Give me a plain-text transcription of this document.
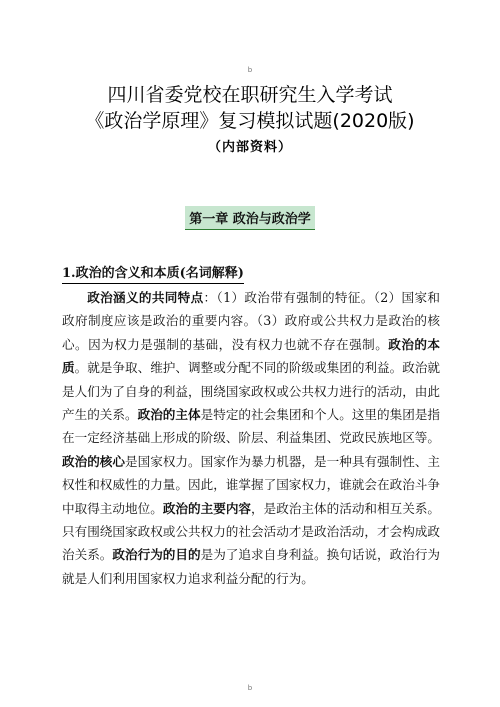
b
四川省委党校在职研究生入学考试
《政治学原理》复习模拟试题(2020版)
（内部资料）
第一章 政治与政治学
1.政治的含义和本质(名词解释)

政治涵义的共同特点：（1）政治带有强制的特征。（2）国家和政府制度应该是政治的重要内容。（3）政府或公共权力是政治的核心。因为权力是强制的基础，没有权力也就不存在强制。政治的本质。就是争取、维护、调整或分配不同的阶级或集团的利益。政治就是人们为了自身的利益，围绕国家政权或公共权力进行的活动，由此产生的关系。政治的主体是特定的社会集团和个人。这里的集团是指在一定经济基础上形成的阶级、阶层、利益集团、党政民族地区等。政治的核心是国家权力。国家作为暴力机器，是一种具有强制性、主权性和权威性的力量。因此，谁掌握了国家权力，谁就会在政治斗争中取得主动地位。政治的主要内容，是政治主体的活动和相互关系。只有围绕国家政权或公共权力的社会活动才是政治活动，才会构成政治关系。政治行为的目的是为了追求自身利益。换句话说，政治行为就是人们利用国家权力追求利益分配的行为。

b
